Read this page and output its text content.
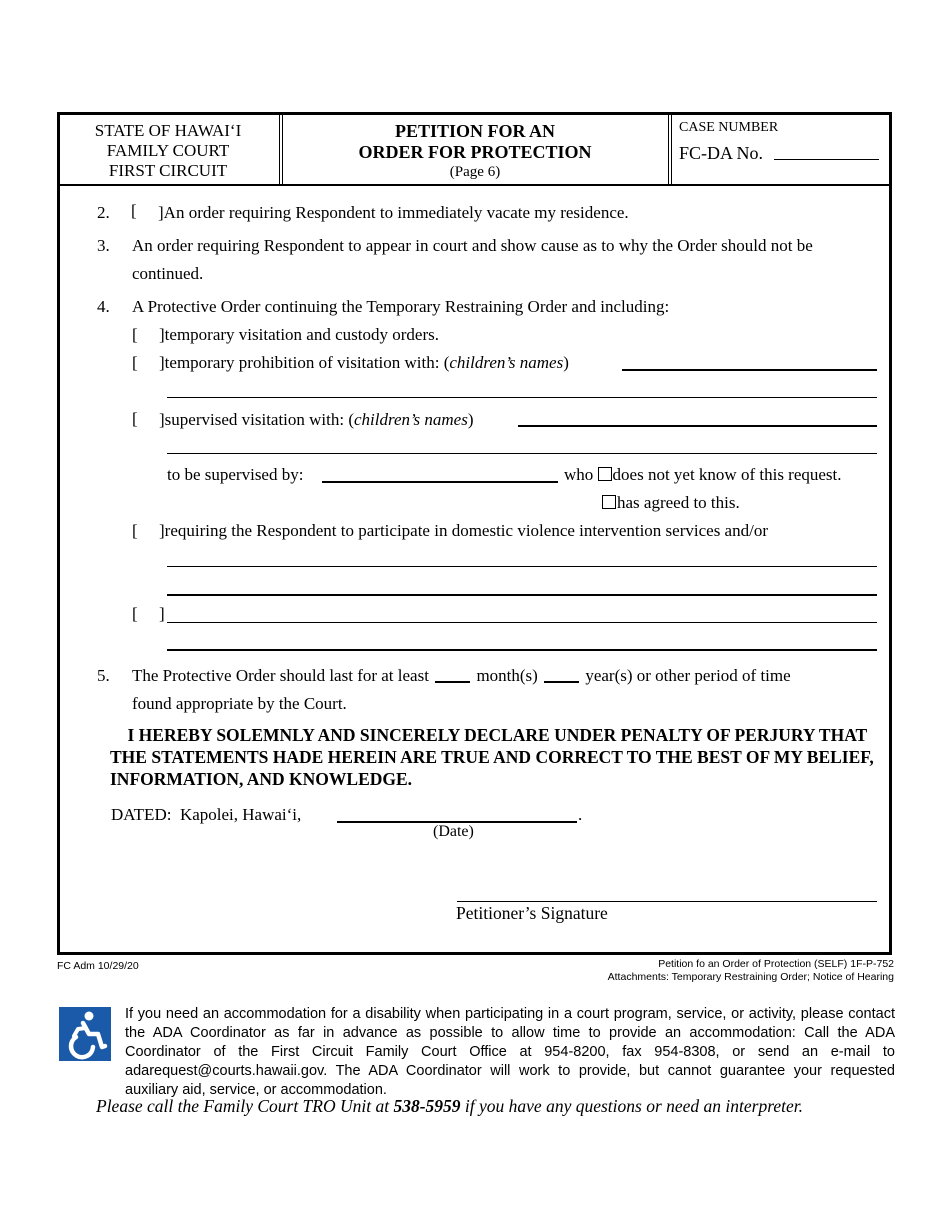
STATE OF HAWAI‘I
FAMILY COURT
FIRST CIRCUIT
PETITION FOR AN
ORDER FOR PROTECTION
(Page 6)
CASE NUMBER
FC-DA No.
2. [ ]An order requiring Respondent to immediately vacate my residence.
3. An order requiring Respondent to appear in court and show cause as to why the Order should not be
continued.
4. A Protective Order continuing the Temporary Restraining Order and including:
[ ]temporary visitation and custody orders.
[ ]temporary prohibition of visitation with: (children’s names)
[ ]supervised visitation with: (children’s names)
to be supervised by:	who does not yet know of this request.
has agreed to this.
[ ]requiring the Respondent to participate in domestic violence intervention services and/or
[ ]
5. The Protective Order should last for at least	month(s)	year(s) or other period of time
found appropriate by the Court.
I HEREBY SOLEMNLY AND SINCERELY DECLARE UNDER PENALTY OF PERJURY THAT THE STATEMENTS HADE HEREIN ARE TRUE AND CORRECT TO THE BEST OF MY BELIEF, INFORMATION, AND KNOWLEDGE.
DATED: Kapolei, Hawai‘i,	.
(Date)
Petitioner’s Signature
FC Adm 10/29/20	Petition fo an Order of Protection (SELF) 1F-P-752
Attachments: Temporary Restraining Order; Notice of Hearing
If you need an accommodation for a disability when participating in a court program, service, or activity, please contact the ADA Coordinator as far in advance as possible to allow time to provide an accommodation: Call the ADA Coordinator of the First Circuit Family Court Office at 954-8200, fax 954-8308, or send an e-mail to adarequest@courts.hawaii.gov. The ADA Coordinator will work to provide, but cannot guarantee your requested auxiliary aid, service, or accommodation.
Please call the Family Court TRO Unit at 538-5959 if you have any questions or need an interpreter.
